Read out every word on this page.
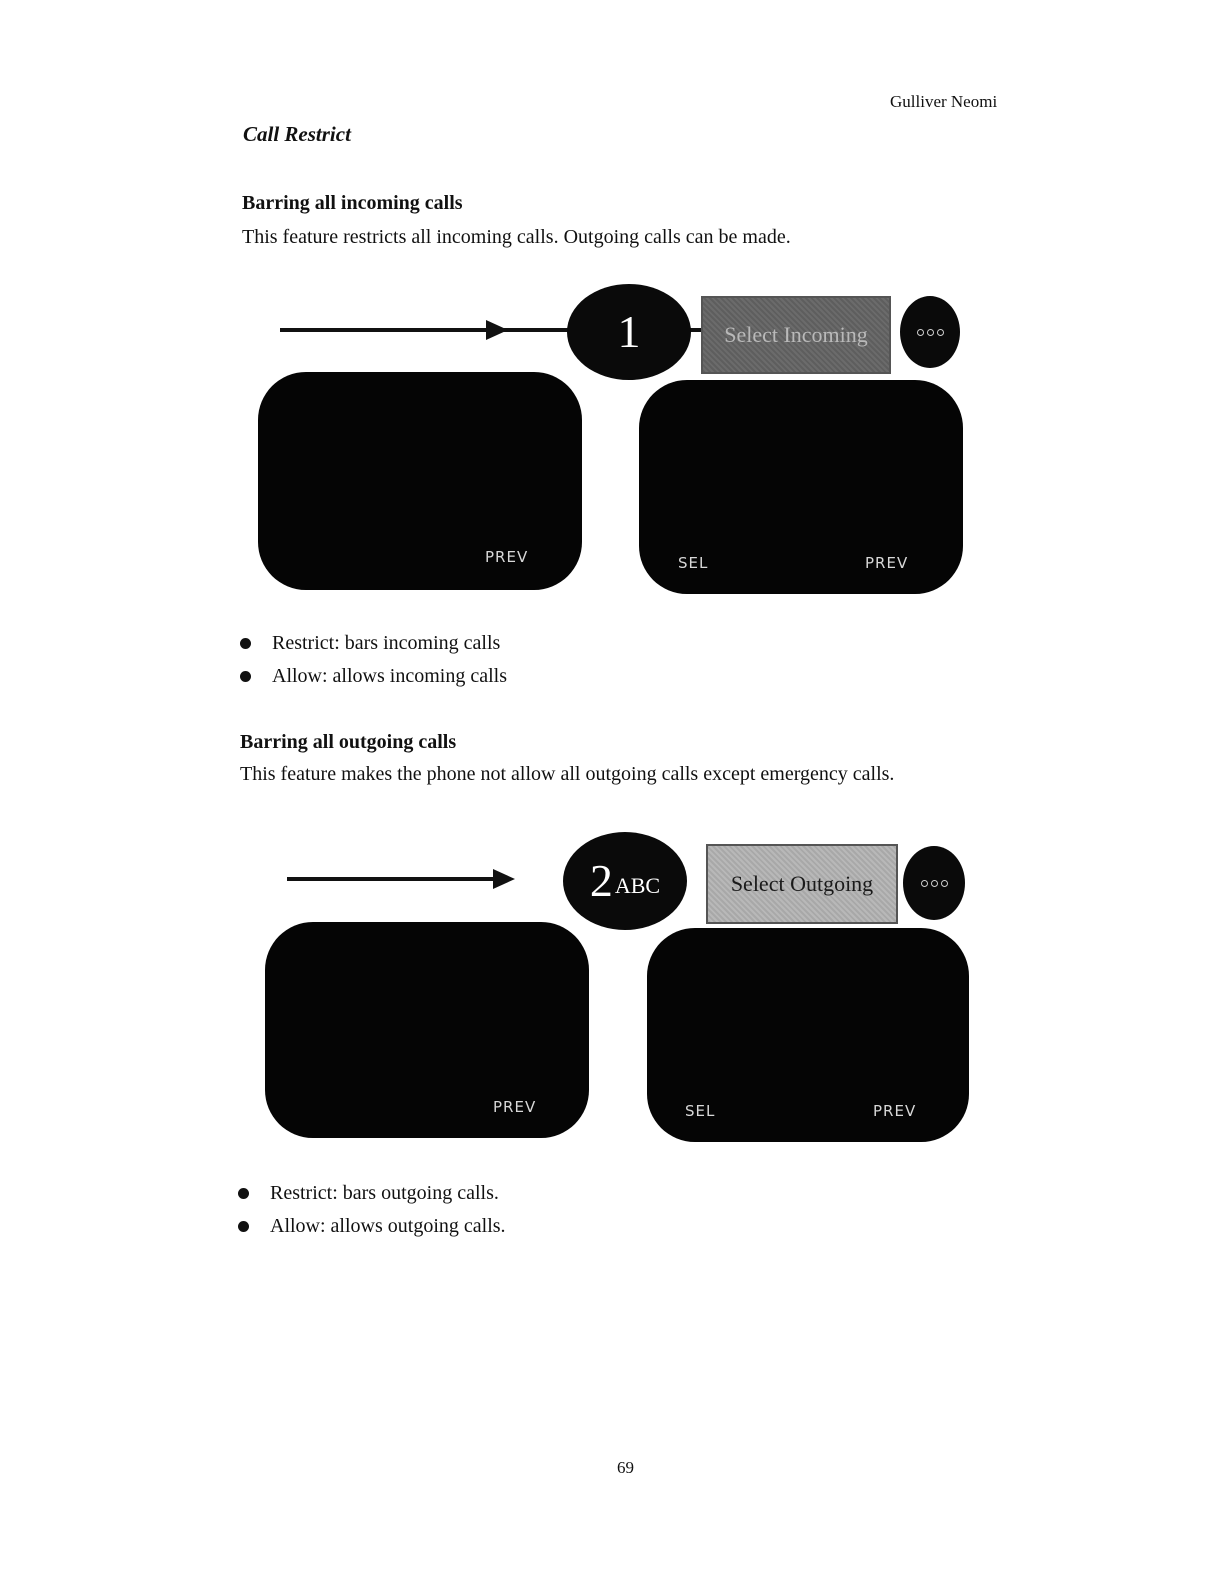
Gulliver Neomi
Call Restrict
Barring all incoming calls
This feature restricts all incoming calls. Outgoing calls can be made.
1	Select Incoming
PREV	SEL	PREV
Restrict: bars incoming calls
Allow: allows incoming calls
Barring all outgoing calls
This feature makes the phone not allow all outgoing calls except emergency calls.
2 ABC	Select Outgoing
PREV	SEL	PREV
Restrict: bars outgoing calls.
Allow: allows outgoing calls.
69
